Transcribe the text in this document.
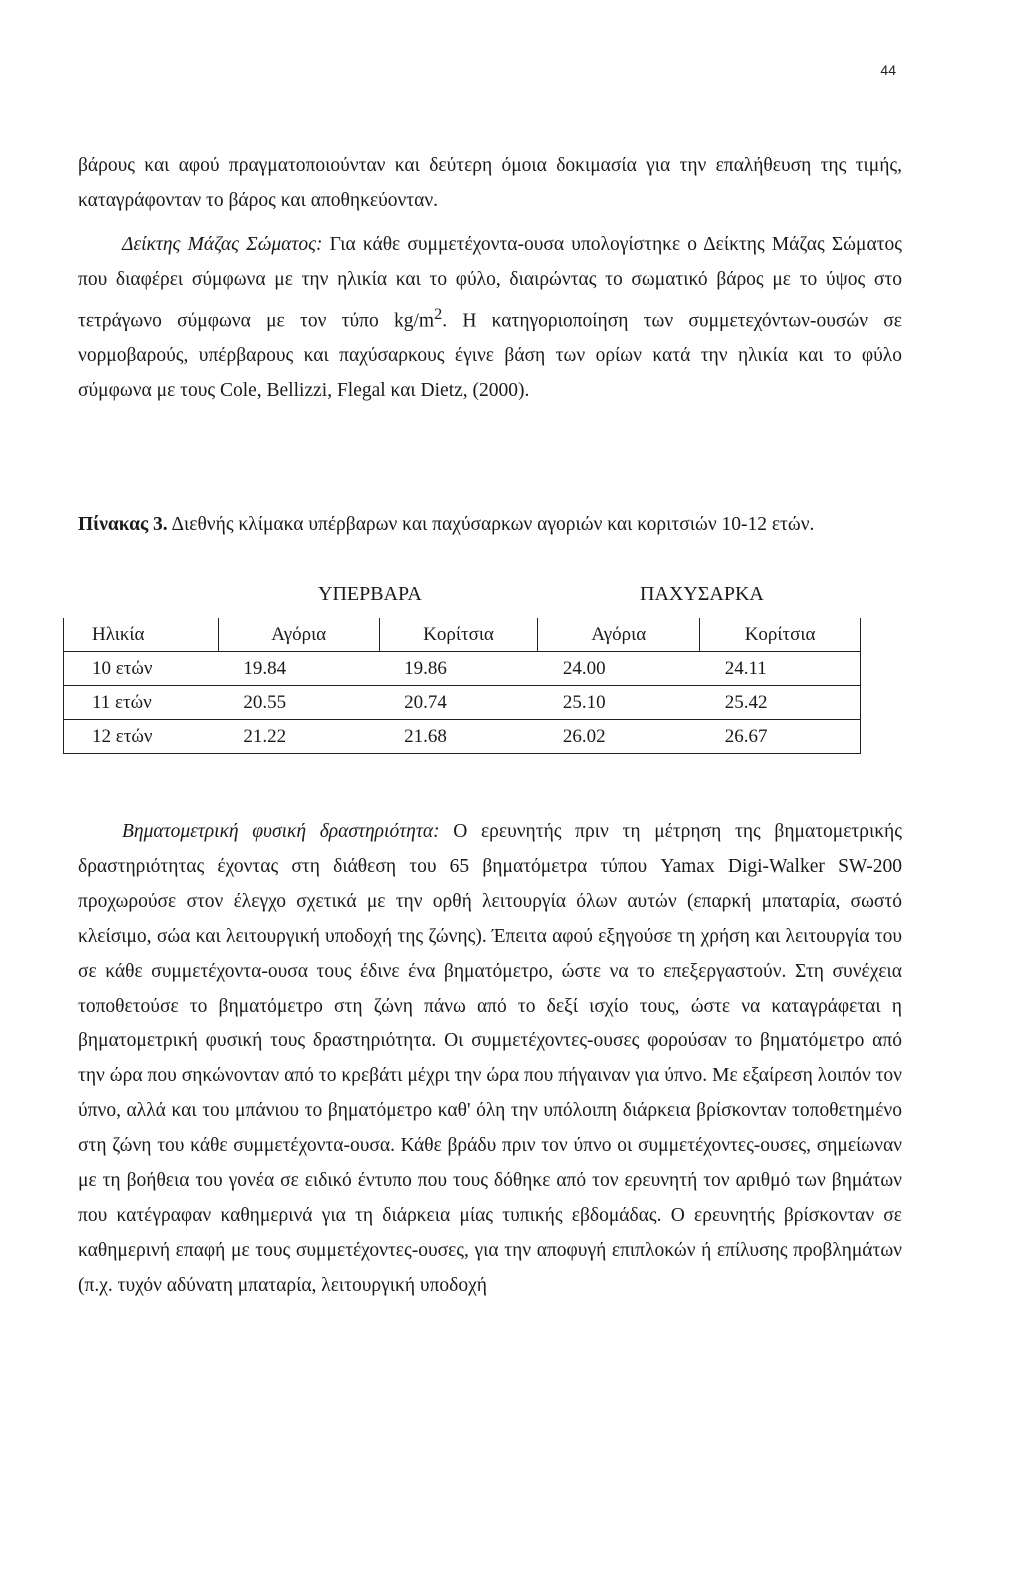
44

βάρους και αφού πραγματοποιούνταν και δεύτερη όμοια δοκιμασία για την επαλήθευση της τιμής, καταγράφονταν το βάρος και αποθηκεύονταν.

Δείκτης Μάζας Σώματος: Για κάθε συμμετέχοντα-ουσα υπολογίστηκε ο Δείκτης Μάζας Σώματος που διαφέρει σύμφωνα με την ηλικία και το φύλο, διαιρώντας το σωματικό βάρος με το ύψος στο τετράγωνο σύμφωνα με τον τύπο $kg/m^2$. Η κατηγοριοποίηση των συμμετεχόντων-ουσών σε νορμοβαρούς, υπέρβαρους και παχύσαρκους έγινε βάση των ορίων κατά την ηλικία και το φύλο σύμφωνα με τους Cole, Bellizzi, Flegal και Dietz, (2000).

Πίνακας 3. Διεθνής κλίμακα υπέρβαρων και παχύσαρκων αγοριών και κοριτσιών 10-12 ετών.
ΥΠΕΡΒΑΡΑ	ΠΑΧΥΣΑΡΚΑ
Ηλικία	Αγόρια	Κορίτσια	Αγόρια	Κορίτσια
10 ετών	19.84	19.86	24.00	24.11
11 ετών	20.55	20.74	25.10	25.42
12 ετών	21.22	21.68	26.02	26.67

Βηματομετρική φυσική δραστηριότητα: Ο ερευνητής πριν τη μέτρηση της βηματομετρικής δραστηριότητας έχοντας στη διάθεση του 65 βηματόμετρα τύπου Yamax Digi-Walker SW-200 προχωρούσε στον έλεγχο σχετικά με την ορθή λειτουργία όλων αυτών (επαρκή μπαταρία, σωστό κλείσιμο, σώα και λειτουργική υποδοχή της ζώνης). Έπειτα αφού εξηγούσε τη χρήση και λειτουργία του σε κάθε συμμετέχοντα-ουσα τους έδινε ένα βηματόμετρο, ώστε να το επεξεργαστούν. Στη συνέχεια τοποθετούσε το βηματόμετρο στη ζώνη πάνω από το δεξί ισχίο τους, ώστε να καταγράφεται η βηματομετρική φυσική τους δραστηριότητα. Οι συμμετέχοντες-ουσες φορούσαν το βηματόμετρο από την ώρα που σηκώνονταν από το κρεβάτι μέχρι την ώρα που πήγαιναν για ύπνο. Με εξαίρεση λοιπόν τον ύπνο, αλλά και του μπάνιου το βηματόμετρο καθ' όλη την υπόλοιπη διάρκεια βρίσκονταν τοποθετημένο στη ζώνη του κάθε συμμετέχοντα-ουσα. Κάθε βράδυ πριν τον ύπνο οι συμμετέχοντες-ουσες, σημείωναν με τη βοήθεια του γονέα σε ειδικό έντυπο που τους δόθηκε από τον ερευνητή τον αριθμό των βημάτων που κατέγραφαν καθημερινά για τη διάρκεια μίας τυπικής εβδομάδας. Ο ερευνητής βρίσκονταν σε καθημερινή επαφή με τους συμμετέχοντες-ουσες, για την αποφυγή επιπλοκών ή επίλυσης προβλημάτων (π.χ. τυχόν αδύνατη μπαταρία, λειτουργική υποδοχή
